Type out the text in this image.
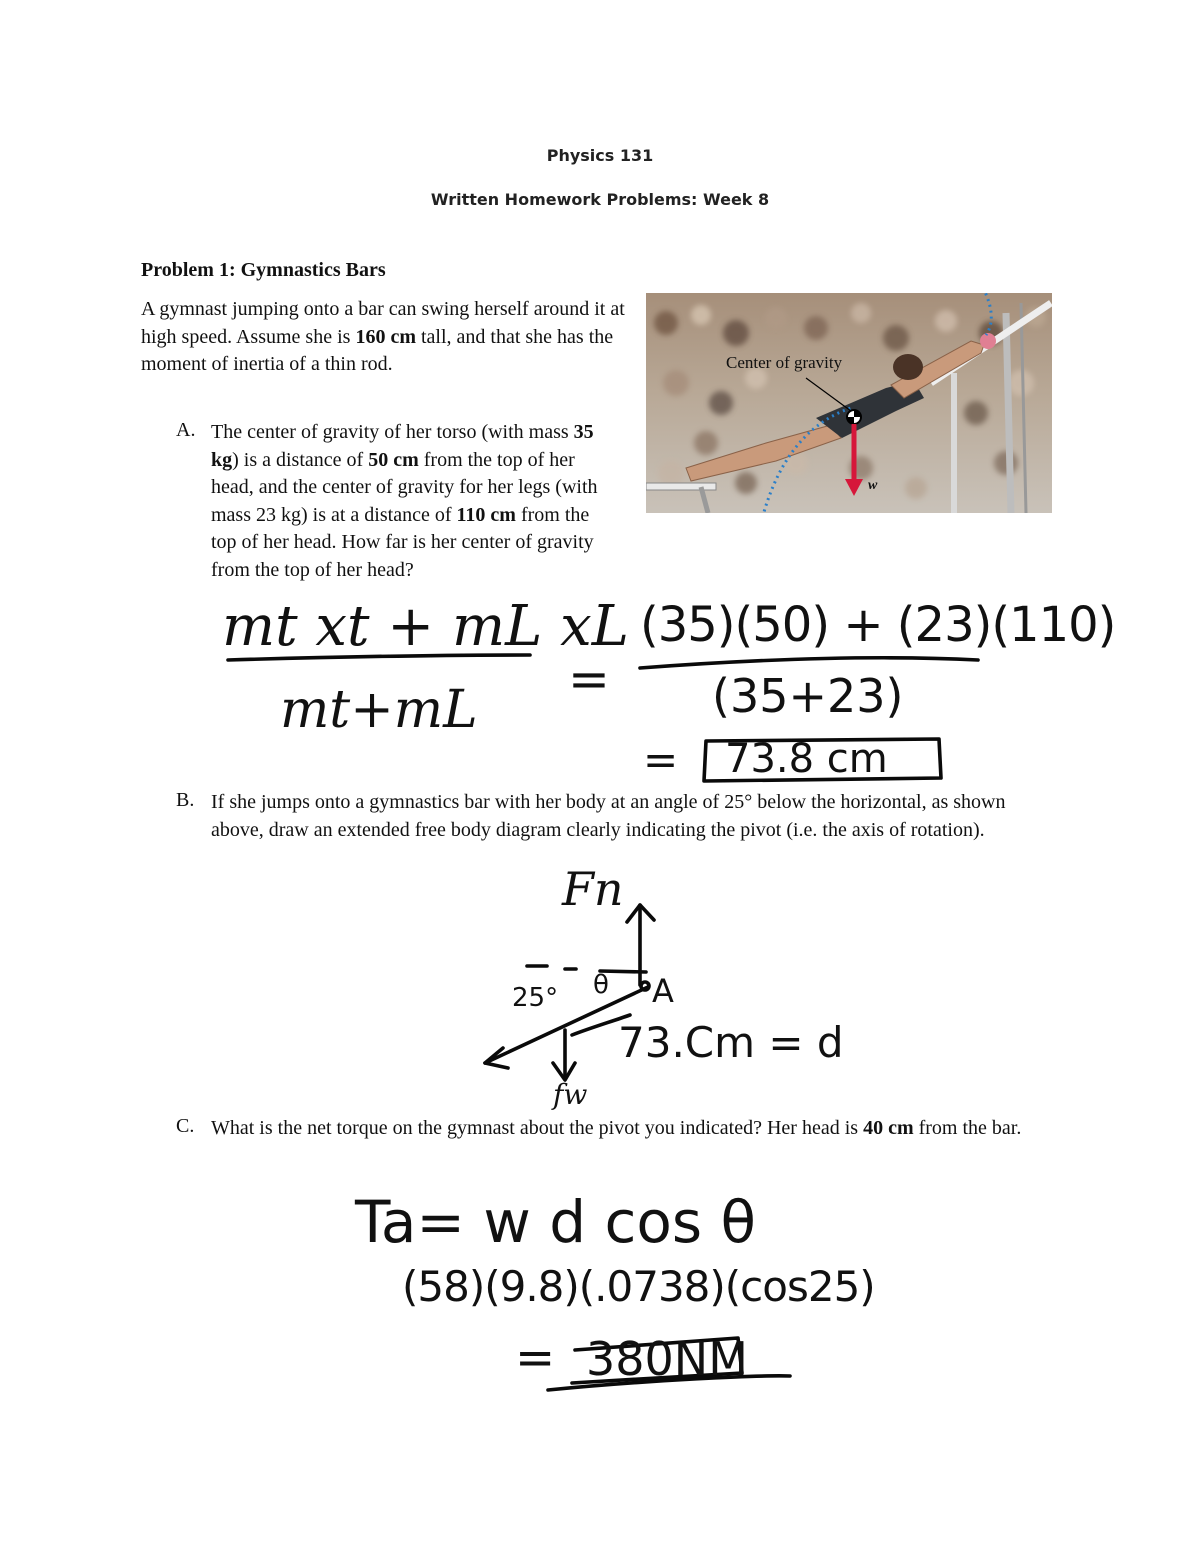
Physics 131
Written Homework Problems: Week 8
Problem 1: Gymnastics Bars
A gymnast jumping onto a bar can swing herself around it at high speed. Assume she is 160 cm tall, and that she has the moment of inertia of a thin rod.
A. The center of gravity of her torso (with mass 35 kg) is a distance of 50 cm from the top of her head, and the center of gravity for her legs (with mass 23 kg) is at a distance of 110 cm from the top of her head. How far is her center of gravity from the top of her head?
Center of gravity
w
B. If she jumps onto a gymnastics bar with her body at an angle of 25° below the horizontal, as shown above, draw an extended free body diagram clearly indicating the pivot (i.e. the axis of rotation).
C. What is the net torque on the gymnast about the pivot you indicated? Her head is 40 cm from the bar.
mt xt + mL xL
mt+mL
=
(35)(50) + (23)(110)
(35+23)
= 73.8 cm
Fn
25° θ A
73.Cm = d
fw
Ta= w d cos θ
(58)(9.8)(.0738)(cos25)
= 380NM
